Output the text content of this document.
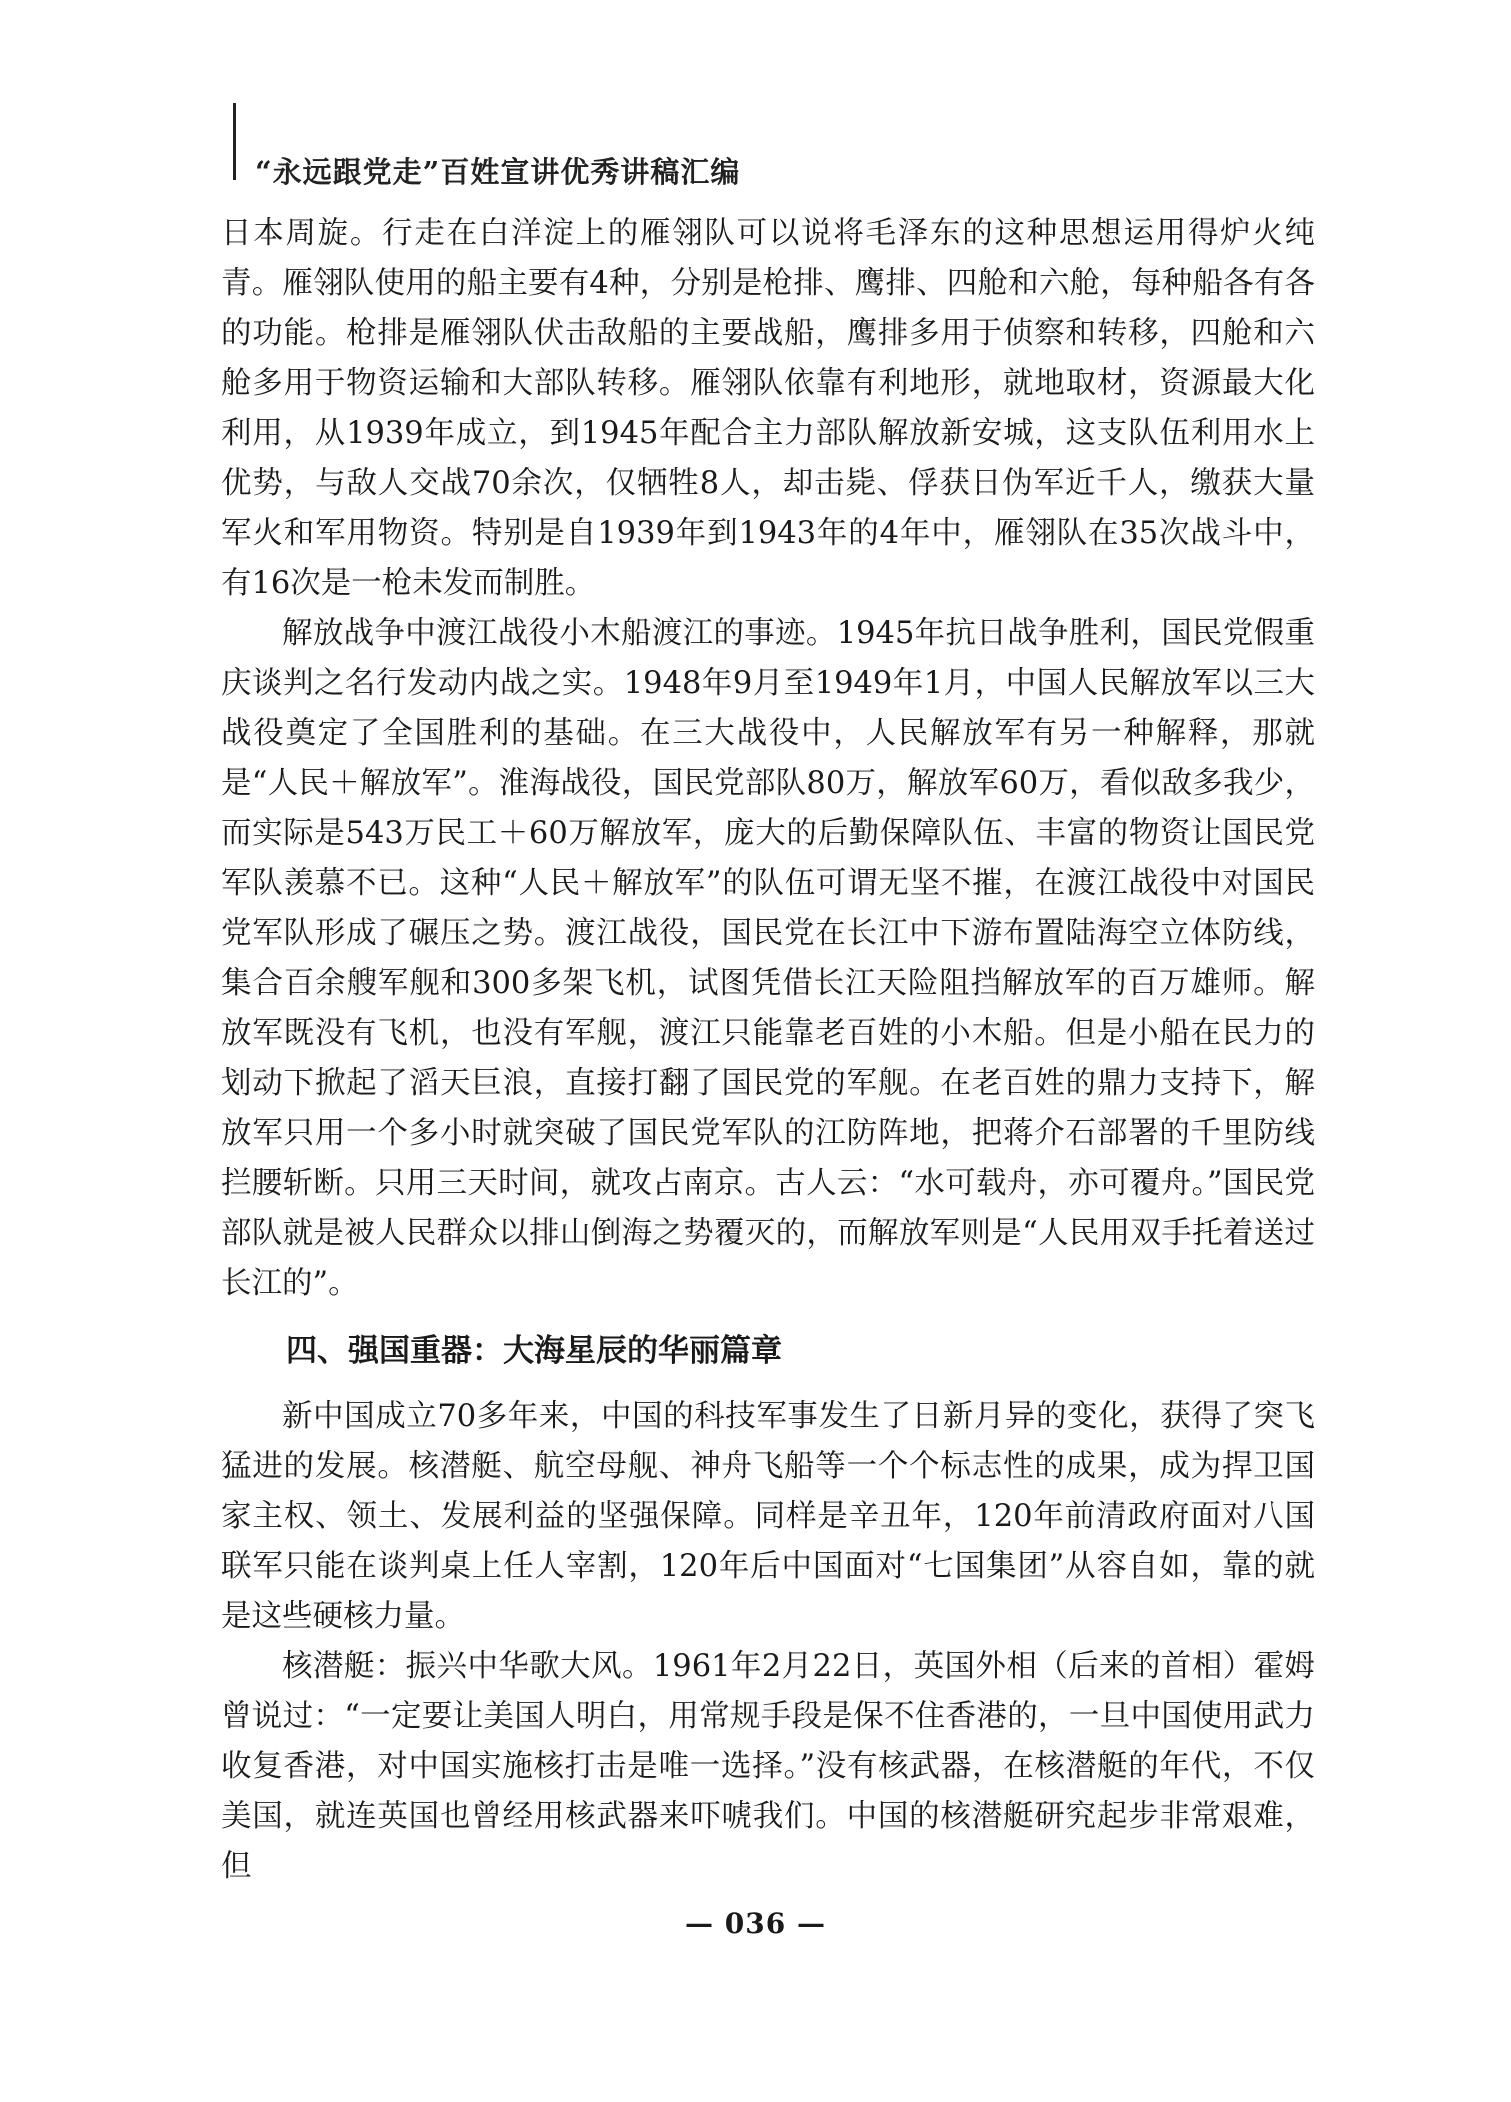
“永远跟党走”百姓宣讲优秀讲稿汇编

日本周旋。行走在白洋淀上的雁翎队可以说将毛泽东的这种思想运用得炉火纯青。雁翎队使用的船主要有4种，分别是枪排、鹰排、四舱和六舱，每种船各有各的功能。枪排是雁翎队伏击敌船的主要战船，鹰排多用于侦察和转移，四舱和六舱多用于物资运输和大部队转移。雁翎队依靠有利地形，就地取材，资源最大化利用，从1939年成立，到1945年配合主力部队解放新安城，这支队伍利用水上优势，与敌人交战70余次，仅牺牲8人，却击毙、俘获日伪军近千人，缴获大量军火和军用物资。特别是自1939年到1943年的4年中，雁翎队在35次战斗中，有16次是一枪未发而制胜。

解放战争中渡江战役小木船渡江的事迹。1945年抗日战争胜利，国民党假重庆谈判之名行发动内战之实。1948年9月至1949年1月，中国人民解放军以三大战役奠定了全国胜利的基础。在三大战役中，人民解放军有另一种解释，那就是“人民＋解放军”。淮海战役，国民党部队80万，解放军60万，看似敌多我少，而实际是543万民工＋60万解放军，庞大的后勤保障队伍、丰富的物资让国民党军队羡慕不已。这种“人民＋解放军”的队伍可谓无坚不摧，在渡江战役中对国民党军队形成了碾压之势。渡江战役，国民党在长江中下游布置陆海空立体防线，集合百余艘军舰和300多架飞机，试图凭借长江天险阻挡解放军的百万雄师。解放军既没有飞机，也没有军舰，渡江只能靠老百姓的小木船。但是小船在民力的划动下掀起了滔天巨浪，直接打翻了国民党的军舰。在老百姓的鼎力支持下，解放军只用一个多小时就突破了国民党军队的江防阵地，把蒋介石部署的千里防线拦腰斩断。只用三天时间，就攻占南京。古人云：“水可载舟，亦可覆舟。”国民党部队就是被人民群众以排山倒海之势覆灭的，而解放军则是“人民用双手托着送过长江的”。

四、强国重器：大海星辰的华丽篇章

新中国成立70多年来，中国的科技军事发生了日新月异的变化，获得了突飞猛进的发展。核潜艇、航空母舰、神舟飞船等一个个标志性的成果，成为捍卫国家主权、领土、发展利益的坚强保障。同样是辛丑年，120年前清政府面对八国联军只能在谈判桌上任人宰割，120年后中国面对“七国集团”从容自如，靠的就是这些硬核力量。

核潜艇：振兴中华歌大风。1961年2月22日，英国外相（后来的首相）霍姆曾说过：“一定要让美国人明白，用常规手段是保不住香港的，一旦中国使用武力收复香港，对中国实施核打击是唯一选择。”没有核武器，在核潜艇的年代，不仅美国，就连英国也曾经用核武器来吓唬我们。中国的核潜艇研究起步非常艰难，但

— 036 —
